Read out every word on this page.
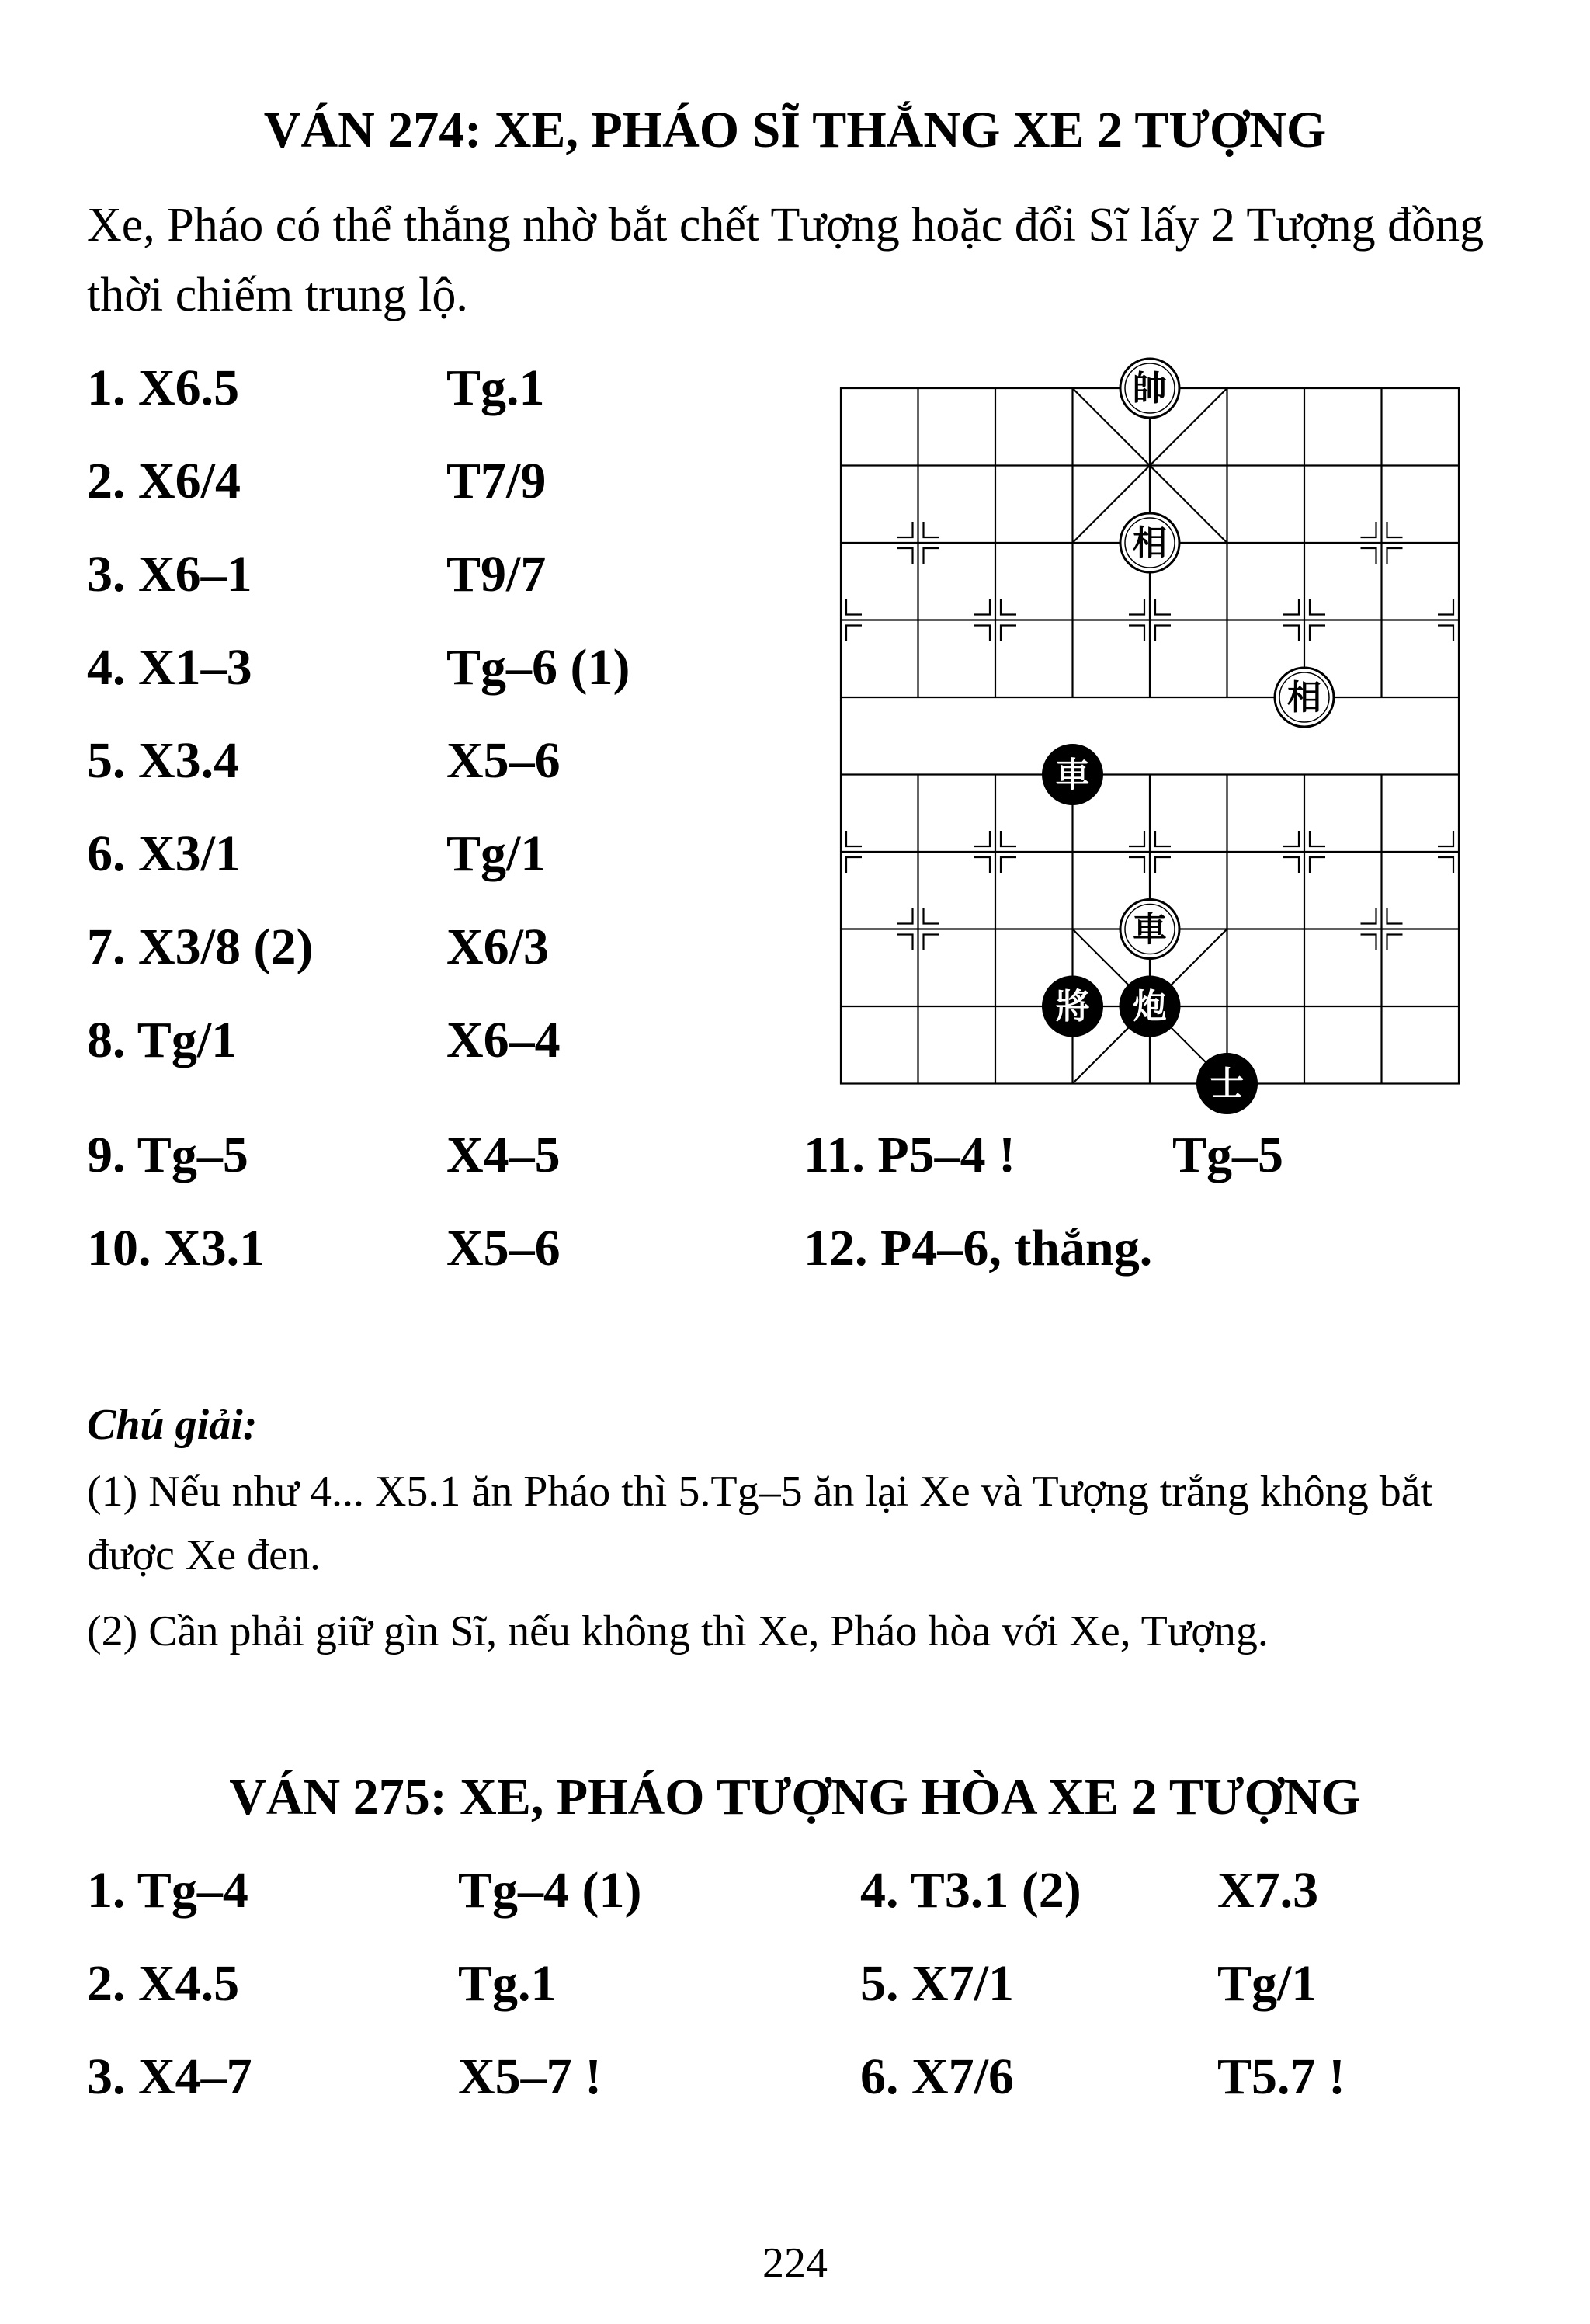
VÁN 274: XE, PHÁO SĨ THẮNG XE 2 TƯỢNG
Xe, Pháo có thể thắng nhờ bắt chết Tượng hoặc đổi Sĩ lấy 2 Tượng đồng thời chiếm trung lộ.
1. X6.5	Tg.1
2. X6/4	T7/9
3. X6–1	T9/7
4. X1–3	Tg–6 (1)
5. X3.4	X5–6
6. X3/1	Tg/1
7. X3/8 (2)	X6/3
8. Tg/1	X6–4
9. Tg–5	X4–5	11. P5–4 !	Tg–5
10. X3.1	X5–6	12. P4–6, thắng.
帥
相
相
車
車
將 炮
士
Chú giải:
(1) Nếu như 4... X5.1 ăn Pháo thì 5.Tg–5 ăn lại Xe và Tượng trắng không bắt được Xe đen.
(2) Cần phải giữ gìn Sĩ, nếu không thì Xe, Pháo hòa với Xe, Tượng.
VÁN 275: XE, PHÁO TƯỢNG HÒA XE 2 TƯỢNG
1. Tg–4	Tg–4 (1)	4. T3.1 (2)	X7.3
2. X4.5	Tg.1	5. X7/1	Tg/1
3. X4–7	X5–7 !	6. X7/6	T5.7 !
224
